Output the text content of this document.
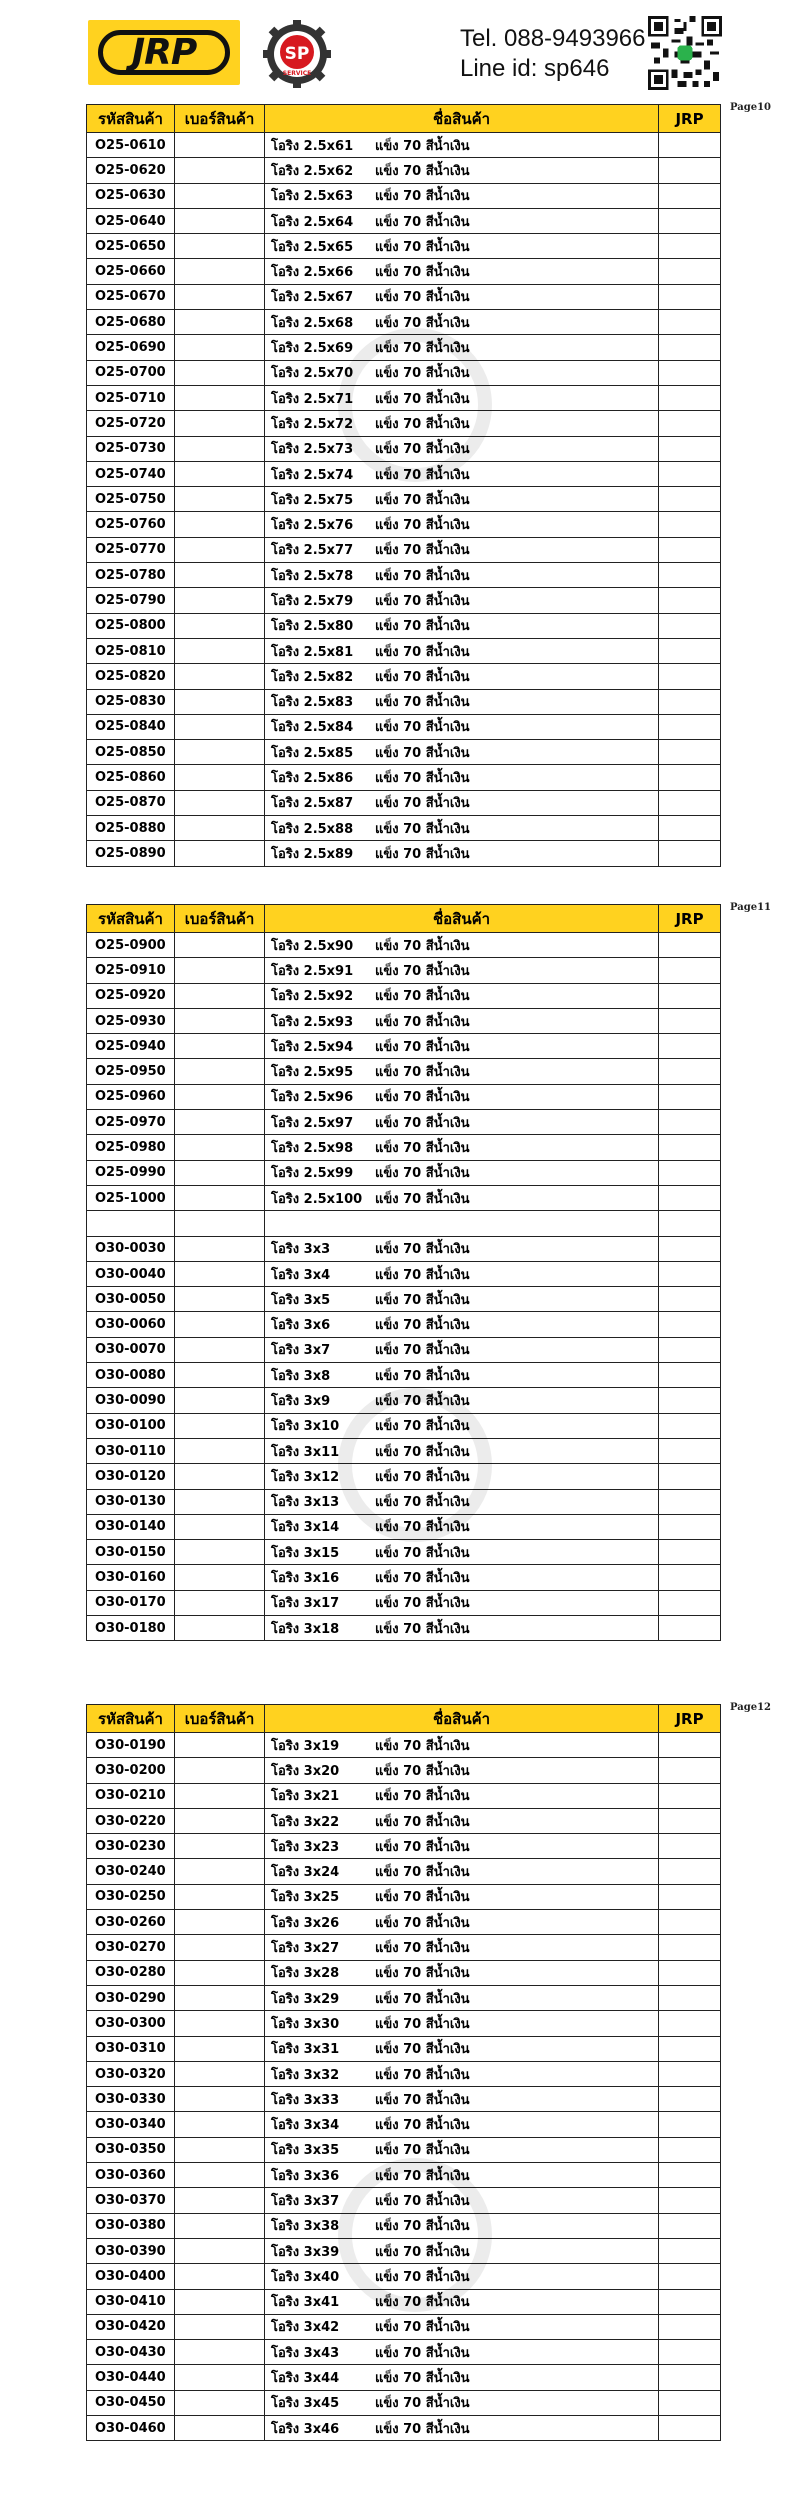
JRP	SP
SERVICE
Tel. 088-9493966
Line id: sp646
Page10
รหัสสินค้า	เบอร์สินค้า	ชื่อสินค้า	JRP
O25-0610		โอริง 2.5x61 แข็ง 70 สีน้ำเงิน	
O25-0620		โอริง 2.5x62 แข็ง 70 สีน้ำเงิน	
O25-0630		โอริง 2.5x63 แข็ง 70 สีน้ำเงิน	
O25-0640		โอริง 2.5x64 แข็ง 70 สีน้ำเงิน	
O25-0650		โอริง 2.5x65 แข็ง 70 สีน้ำเงิน	
O25-0660		โอริง 2.5x66 แข็ง 70 สีน้ำเงิน	
O25-0670		โอริง 2.5x67 แข็ง 70 สีน้ำเงิน	
O25-0680		โอริง 2.5x68 แข็ง 70 สีน้ำเงิน	
O25-0690		โอริง 2.5x69 แข็ง 70 สีน้ำเงิน	
O25-0700		โอริง 2.5x70 แข็ง 70 สีน้ำเงิน	
O25-0710		โอริง 2.5x71 แข็ง 70 สีน้ำเงิน	
O25-0720		โอริง 2.5x72 แข็ง 70 สีน้ำเงิน	
O25-0730		โอริง 2.5x73 แข็ง 70 สีน้ำเงิน	
O25-0740		โอริง 2.5x74 แข็ง 70 สีน้ำเงิน	
O25-0750		โอริง 2.5x75 แข็ง 70 สีน้ำเงิน	
O25-0760		โอริง 2.5x76 แข็ง 70 สีน้ำเงิน	
O25-0770		โอริง 2.5x77 แข็ง 70 สีน้ำเงิน	
O25-0780		โอริง 2.5x78 แข็ง 70 สีน้ำเงิน	
O25-0790		โอริง 2.5x79 แข็ง 70 สีน้ำเงิน	
O25-0800		โอริง 2.5x80 แข็ง 70 สีน้ำเงิน	
O25-0810		โอริง 2.5x81 แข็ง 70 สีน้ำเงิน	
O25-0820		โอริง 2.5x82 แข็ง 70 สีน้ำเงิน	
O25-0830		โอริง 2.5x83 แข็ง 70 สีน้ำเงิน	
O25-0840		โอริง 2.5x84 แข็ง 70 สีน้ำเงิน	
O25-0850		โอริง 2.5x85 แข็ง 70 สีน้ำเงิน	
O25-0860		โอริง 2.5x86 แข็ง 70 สีน้ำเงิน	
O25-0870		โอริง 2.5x87 แข็ง 70 สีน้ำเงิน	
O25-0880		โอริง 2.5x88 แข็ง 70 สีน้ำเงิน	
O25-0890		โอริง 2.5x89 แข็ง 70 สีน้ำเงิน	
Page11
รหัสสินค้า	เบอร์สินค้า	ชื่อสินค้า	JRP
O25-0900		โอริง 2.5x90 แข็ง 70 สีน้ำเงิน	
O25-0910		โอริง 2.5x91 แข็ง 70 สีน้ำเงิน	
O25-0920		โอริง 2.5x92 แข็ง 70 สีน้ำเงิน	
O25-0930		โอริง 2.5x93 แข็ง 70 สีน้ำเงิน	
O25-0940		โอริง 2.5x94 แข็ง 70 สีน้ำเงิน	
O25-0950		โอริง 2.5x95 แข็ง 70 สีน้ำเงิน	
O25-0960		โอริง 2.5x96 แข็ง 70 สีน้ำเงิน	
O25-0970		โอริง 2.5x97 แข็ง 70 สีน้ำเงิน	
O25-0980		โอริง 2.5x98 แข็ง 70 สีน้ำเงิน	
O25-0990		โอริง 2.5x99 แข็ง 70 สีน้ำเงิน	
O25-1000		โอริง 2.5x100 แข็ง 70 สีน้ำเงิน	

O30-0030		โอริง 3x3 แข็ง 70 สีน้ำเงิน	
O30-0040		โอริง 3x4 แข็ง 70 สีน้ำเงิน	
O30-0050		โอริง 3x5 แข็ง 70 สีน้ำเงิน	
O30-0060		โอริง 3x6 แข็ง 70 สีน้ำเงิน	
O30-0070		โอริง 3x7 แข็ง 70 สีน้ำเงิน	
O30-0080		โอริง 3x8 แข็ง 70 สีน้ำเงิน	
O30-0090		โอริง 3x9 แข็ง 70 สีน้ำเงิน	
O30-0100		โอริง 3x10 แข็ง 70 สีน้ำเงิน	
O30-0110		โอริง 3x11 แข็ง 70 สีน้ำเงิน	
O30-0120		โอริง 3x12 แข็ง 70 สีน้ำเงิน	
O30-0130		โอริง 3x13 แข็ง 70 สีน้ำเงิน	
O30-0140		โอริง 3x14 แข็ง 70 สีน้ำเงิน	
O30-0150		โอริง 3x15 แข็ง 70 สีน้ำเงิน	
O30-0160		โอริง 3x16 แข็ง 70 สีน้ำเงิน	
O30-0170		โอริง 3x17 แข็ง 70 สีน้ำเงิน	
O30-0180		โอริง 3x18 แข็ง 70 สีน้ำเงิน	
Page12
รหัสสินค้า	เบอร์สินค้า	ชื่อสินค้า	JRP
O30-0190		โอริง 3x19 แข็ง 70 สีน้ำเงิน	
O30-0200		โอริง 3x20 แข็ง 70 สีน้ำเงิน	
O30-0210		โอริง 3x21 แข็ง 70 สีน้ำเงิน	
O30-0220		โอริง 3x22 แข็ง 70 สีน้ำเงิน	
O30-0230		โอริง 3x23 แข็ง 70 สีน้ำเงิน	
O30-0240		โอริง 3x24 แข็ง 70 สีน้ำเงิน	
O30-0250		โอริง 3x25 แข็ง 70 สีน้ำเงิน	
O30-0260		โอริง 3x26 แข็ง 70 สีน้ำเงิน	
O30-0270		โอริง 3x27 แข็ง 70 สีน้ำเงิน	
O30-0280		โอริง 3x28 แข็ง 70 สีน้ำเงิน	
O30-0290		โอริง 3x29 แข็ง 70 สีน้ำเงิน	
O30-0300		โอริง 3x30 แข็ง 70 สีน้ำเงิน	
O30-0310		โอริง 3x31 แข็ง 70 สีน้ำเงิน	
O30-0320		โอริง 3x32 แข็ง 70 สีน้ำเงิน	
O30-0330		โอริง 3x33 แข็ง 70 สีน้ำเงิน	
O30-0340		โอริง 3x34 แข็ง 70 สีน้ำเงิน	
O30-0350		โอริง 3x35 แข็ง 70 สีน้ำเงิน	
O30-0360		โอริง 3x36 แข็ง 70 สีน้ำเงิน	
O30-0370		โอริง 3x37 แข็ง 70 สีน้ำเงิน	
O30-0380		โอริง 3x38 แข็ง 70 สีน้ำเงิน	
O30-0390		โอริง 3x39 แข็ง 70 สีน้ำเงิน	
O30-0400		โอริง 3x40 แข็ง 70 สีน้ำเงิน	
O30-0410		โอริง 3x41 แข็ง 70 สีน้ำเงิน	
O30-0420		โอริง 3x42 แข็ง 70 สีน้ำเงิน	
O30-0430		โอริง 3x43 แข็ง 70 สีน้ำเงิน	
O30-0440		โอริง 3x44 แข็ง 70 สีน้ำเงิน	
O30-0450		โอริง 3x45 แข็ง 70 สีน้ำเงิน	
O30-0460		โอริง 3x46 แข็ง 70 สีน้ำเงิน	
